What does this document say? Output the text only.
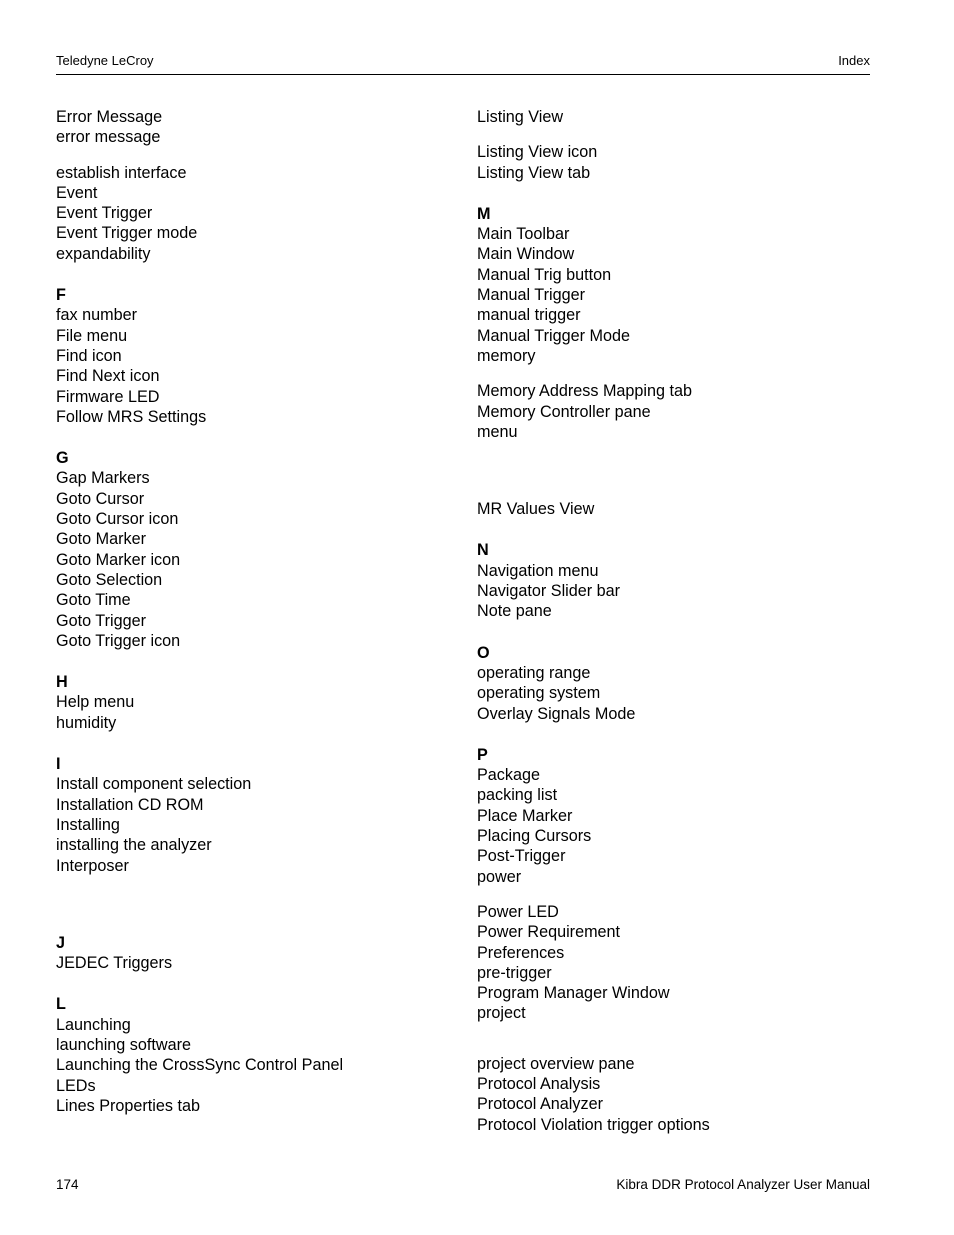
Teledyne LeCroy	Index
Error Message
error message
establish interface
Event
Event Trigger
Event Trigger mode
expandability
F
fax number
File menu
Find icon
Find Next icon
Firmware LED
Follow MRS Settings
G
Gap Markers
Goto Cursor
Goto Cursor icon
Goto Marker
Goto Marker icon
Goto Selection
Goto Time
Goto Trigger
Goto Trigger icon
H
Help menu
humidity
I
Install component selection
Installation CD ROM
Installing
installing the analyzer
Interposer
J
JEDEC Triggers
L
Launching
launching software
Launching the CrossSync Control Panel
LEDs
Lines Properties tab
Listing View
Listing View icon
Listing View tab
M
Main Toolbar
Main Window
Manual Trig button
Manual Trigger
manual trigger
Manual Trigger Mode
memory
Memory Address Mapping tab
Memory Controller pane
menu
MR Values View
N
Navigation menu
Navigator Slider bar
Note pane
O
operating range
operating system
Overlay Signals Mode
P
Package
packing list
Place Marker
Placing Cursors
Post-Trigger
power
Power LED
Power Requirement
Preferences
pre-trigger
Program Manager Window
project
project overview pane
Protocol Analysis
Protocol Analyzer
Protocol Violation trigger options
174	Kibra DDR Protocol Analyzer User Manual
